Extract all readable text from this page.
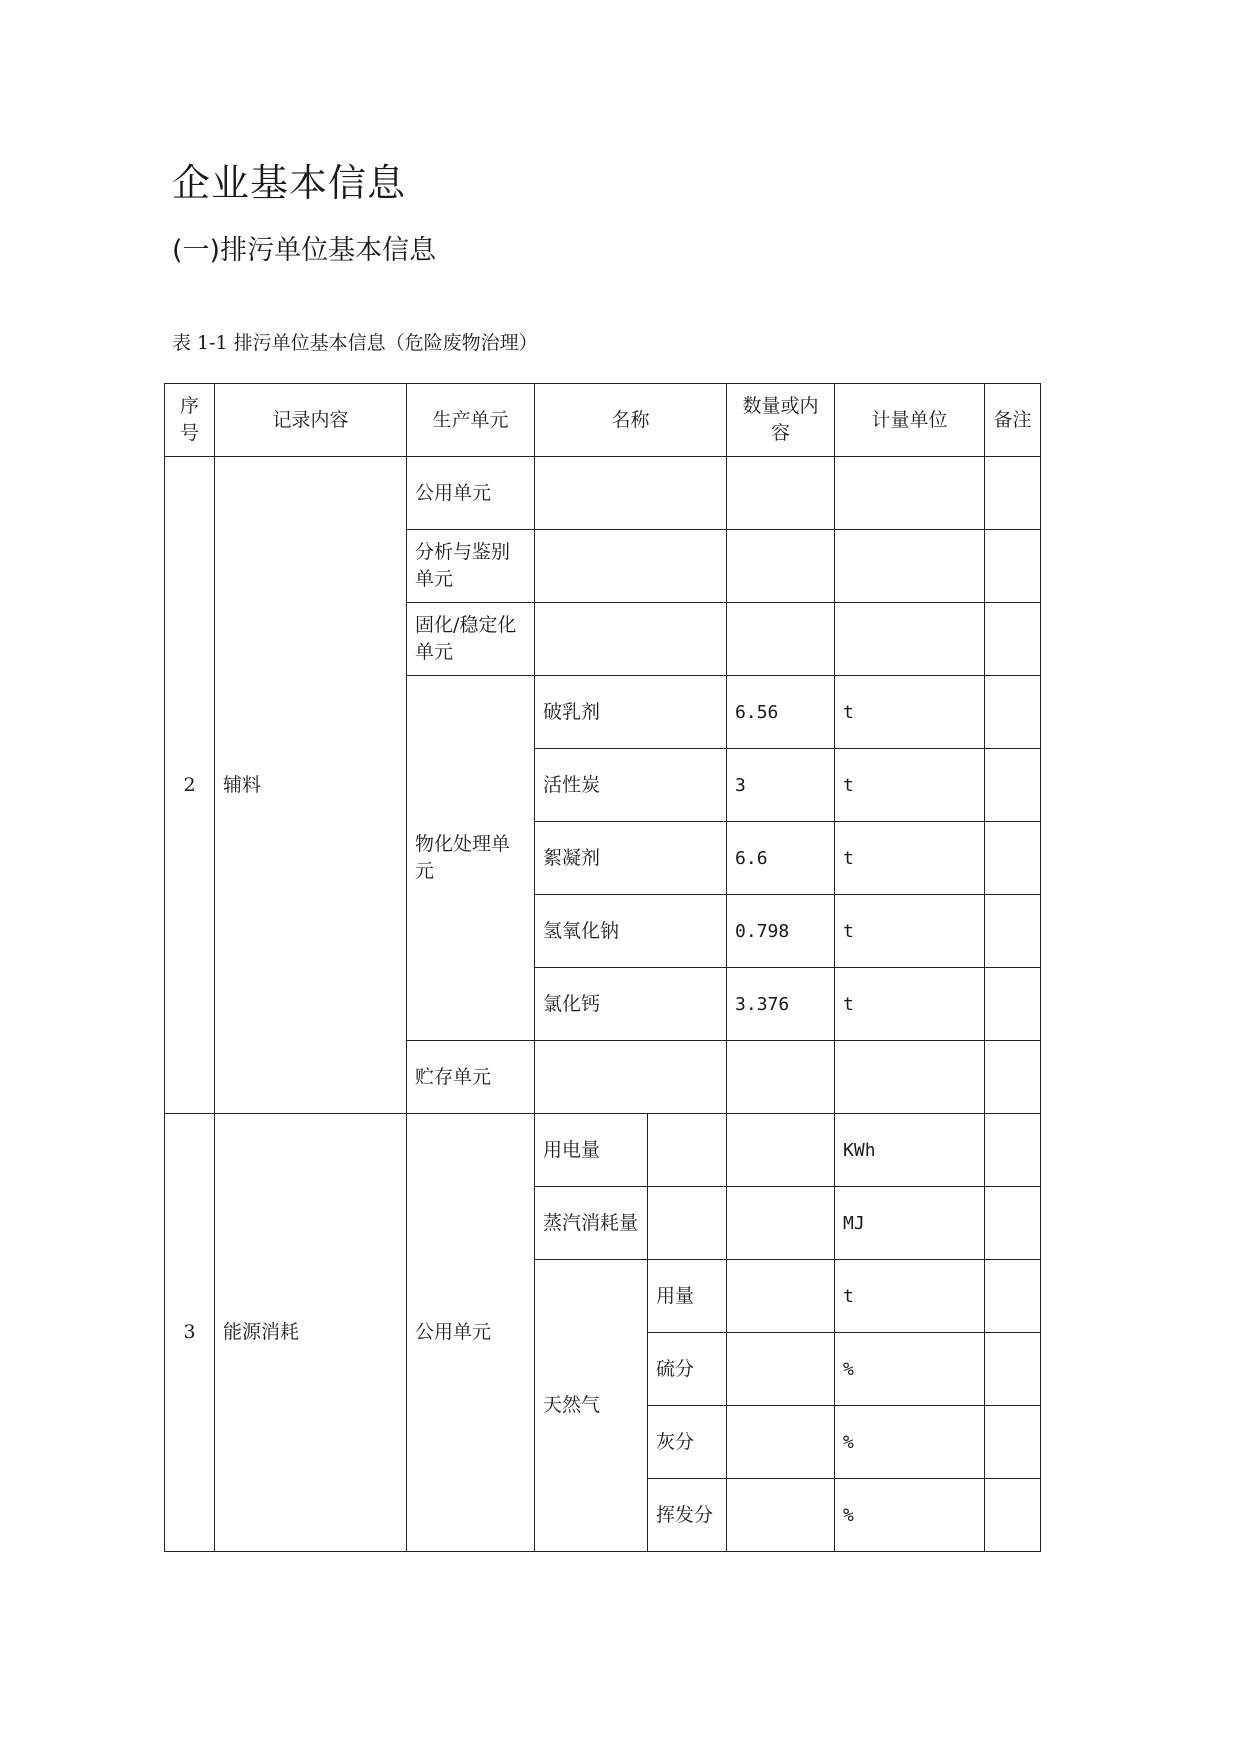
企业基本信息
(一)排污单位基本信息
表 1-1 排污单位基本信息（危险废物治理）
序号	记录内容	生产单元	名称		数量或内容	计量单位	备注
2	辅料	公用单元					
		分析与鉴别单元					
		固化/稳定化单元					
		物化处理单元	破乳剂		6.56	t	
			活性炭		3	t	
			絮凝剂		6.6	t	
			氢氧化钠		0.798	t	
			氯化钙		3.376	t	
		贮存单元					
3	能源消耗	公用单元	用电量			KWh	
			蒸汽消耗量			MJ	
			天然气	用量		t	
				硫分		%	
				灰分		%	
				挥发分		%	
